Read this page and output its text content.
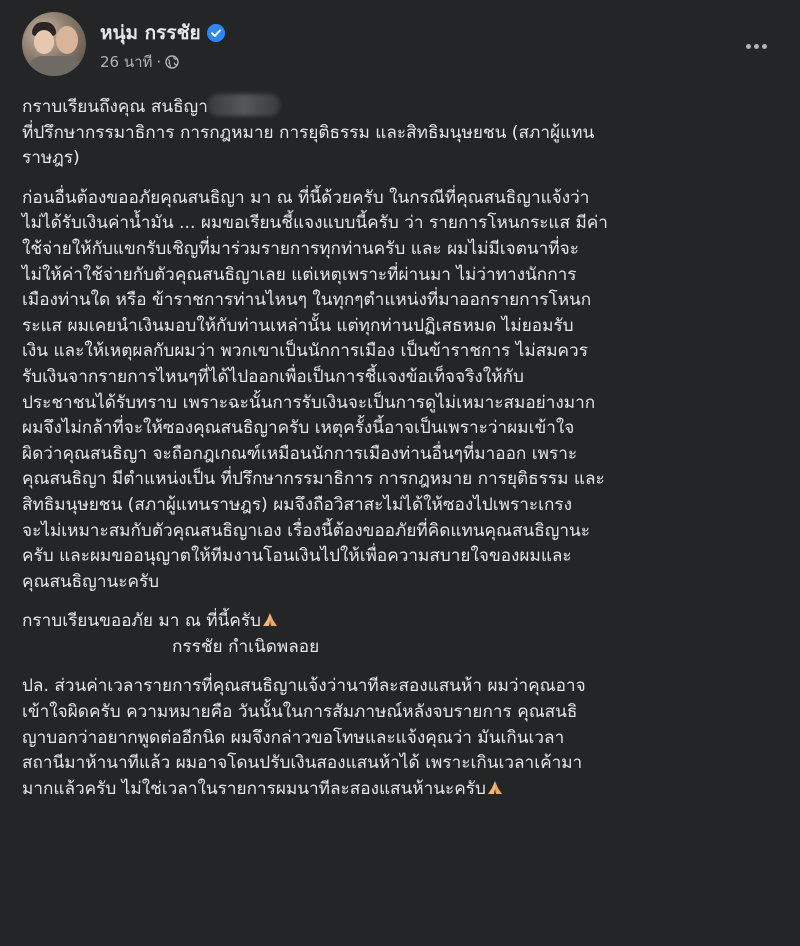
หนุ่ม กรรชัย
26 นาที ·

กราบเรียนถึงคุณ สนธิญา

ที่ปรึกษากรรมาธิการ การกฎหมาย การยุติธรรม และสิทธิมนุษยชน (สภาผู้แทน

ราษฎร)

ก่อนอื่นต้องขออภัยคุณสนธิญา มา ณ ที่นี้ด้วยครับ ในกรณีที่คุณสนธิญาแจ้งว่า

ไม่ได้รับเงินค่าน้ำมัน ... ผมขอเรียนชี้แจงแบบนี้ครับ ว่า รายการโหนกระแส มีค่า

ใช้จ่ายให้กับแขกรับเชิญที่มาร่วมรายการทุกท่านครับ และ ผมไม่มีเจตนาที่จะ

ไม่ให้ค่าใช้จ่ายกับตัวคุณสนธิญาเลย แต่เหตุเพราะที่ผ่านมา ไม่ว่าทางนักการ

เมืองท่านใด หรือ ข้าราชการท่านไหนๆ ในทุกๆตำแหน่งที่มาออกรายการโหนก

ระแส ผมเคยนำเงินมอบให้กับท่านเหล่านั้น แต่ทุกท่านปฏิเสธหมด ไม่ยอมรับ

เงิน และให้เหตุผลกับผมว่า พวกเขาเป็นนักการเมือง เป็นข้าราชการ ไม่สมควร

รับเงินจากรายการไหนๆที่ได้ไปออกเพื่อเป็นการชี้แจงข้อเท็จจริงให้กับ

ประชาชนได้รับทราบ เพราะฉะนั้นการรับเงินจะเป็นการดูไม่เหมาะสมอย่างมาก

ผมจึงไม่กล้าที่จะให้ซองคุณสนธิญาครับ เหตุครั้งนี้อาจเป็นเพราะว่าผมเข้าใจ

ผิดว่าคุณสนธิญา จะถือกฎเกณฑ์เหมือนนักการเมืองท่านอื่นๆที่มาออก เพราะ

คุณสนธิญา มีตำแหน่งเป็น ที่ปรึกษากรรมาธิการ การกฎหมาย การยุติธรรม และ

สิทธิมนุษยชน (สภาผู้แทนราษฎร) ผมจึงถือวิสาสะไม่ได้ให้ซองไปเพราะเกรง

จะไม่เหมาะสมกับตัวคุณสนธิญาเอง เรื่องนี้ต้องขออภัยที่คิดแทนคุณสนธิญานะ

ครับ และผมขออนุญาตให้ทีมงานโอนเงินไปให้เพื่อความสบายใจของผมและ

คุณสนธิญานะครับ

กราบเรียนขออภัย มา ณ ที่นี้ครับ

กรรชัย กำเนิดพลอย

ปล. ส่วนค่าเวลารายการที่คุณสนธิญาแจ้งว่านาทีละสองแสนห้า ผมว่าคุณอาจ

เข้าใจผิดครับ ความหมายคือ วันนั้นในการสัมภาษณ์หลังจบรายการ คุณสนธิ

ญาบอกว่าอยากพูดต่ออีกนิด ผมจึงกล่าวขอโทษและแจ้งคุณว่า มันเกินเวลา

สถานีมาห้านาทีแล้ว ผมอาจโดนปรับเงินสองแสนห้าได้ เพราะเกินเวลาเค้ามา

มากแล้วครับ ไม่ใช่เวลาในรายการผมนาทีละสองแสนห้านะครับ
